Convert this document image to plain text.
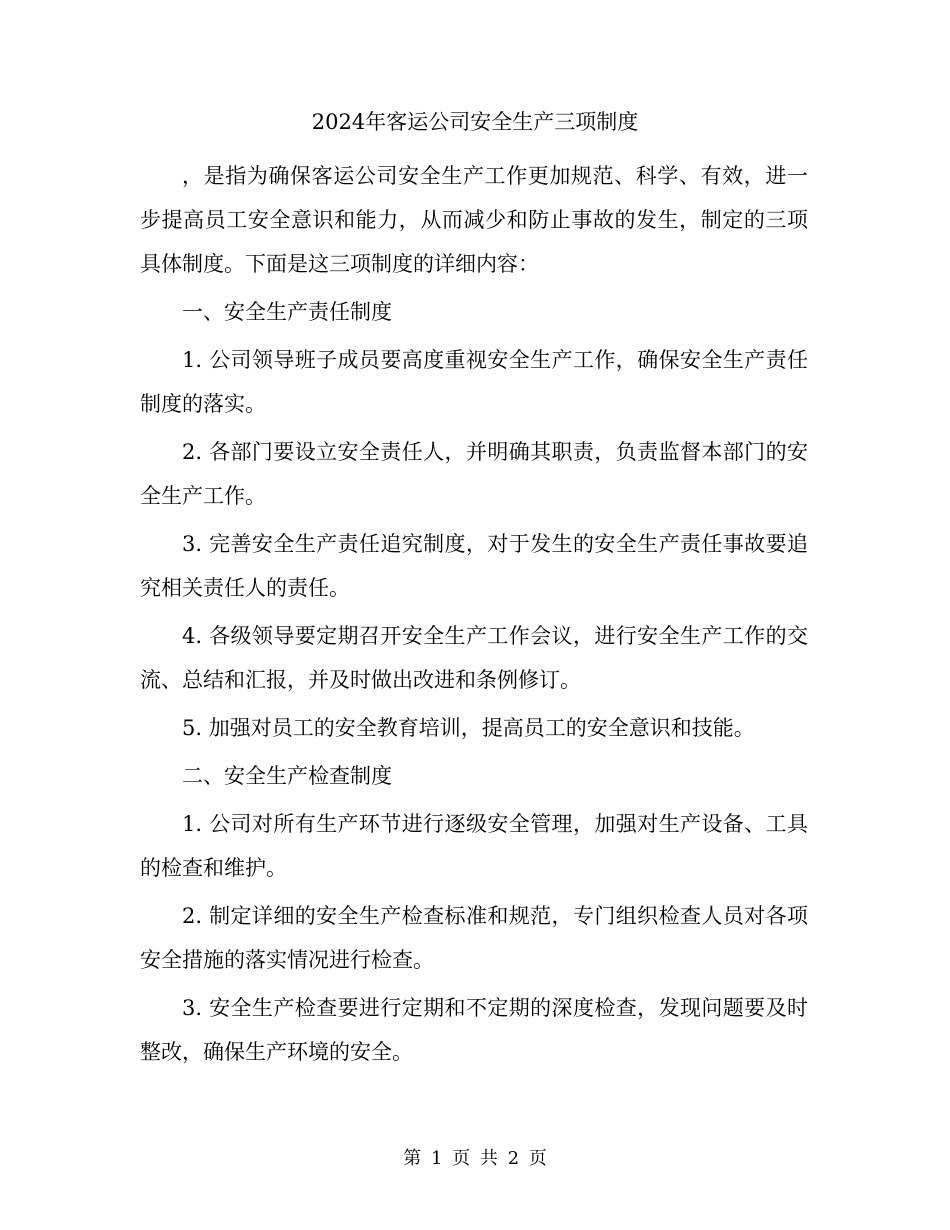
2024年客运公司安全生产三项制度

，是指为确保客运公司安全生产工作更加规范、科学、有效，进一步提高员工安全意识和能力，从而减少和防止事故的发生，制定的三项具体制度。下面是这三项制度的详细内容：

一、安全生产责任制度

1. 公司领导班子成员要高度重视安全生产工作，确保安全生产责任制度的落实。

2. 各部门要设立安全责任人，并明确其职责，负责监督本部门的安全生产工作。

3. 完善安全生产责任追究制度，对于发生的安全生产责任事故要追究相关责任人的责任。

4. 各级领导要定期召开安全生产工作会议，进行安全生产工作的交流、总结和汇报，并及时做出改进和条例修订。

5. 加强对员工的安全教育培训，提高员工的安全意识和技能。

二、安全生产检查制度

1. 公司对所有生产环节进行逐级安全管理，加强对生产设备、工具的检查和维护。

2. 制定详细的安全生产检查标准和规范，专门组织检查人员对各项安全措施的落实情况进行检查。

3. 安全生产检查要进行定期和不定期的深度检查，发现问题要及时整改，确保生产环境的安全。

第 1 页 共 2 页
